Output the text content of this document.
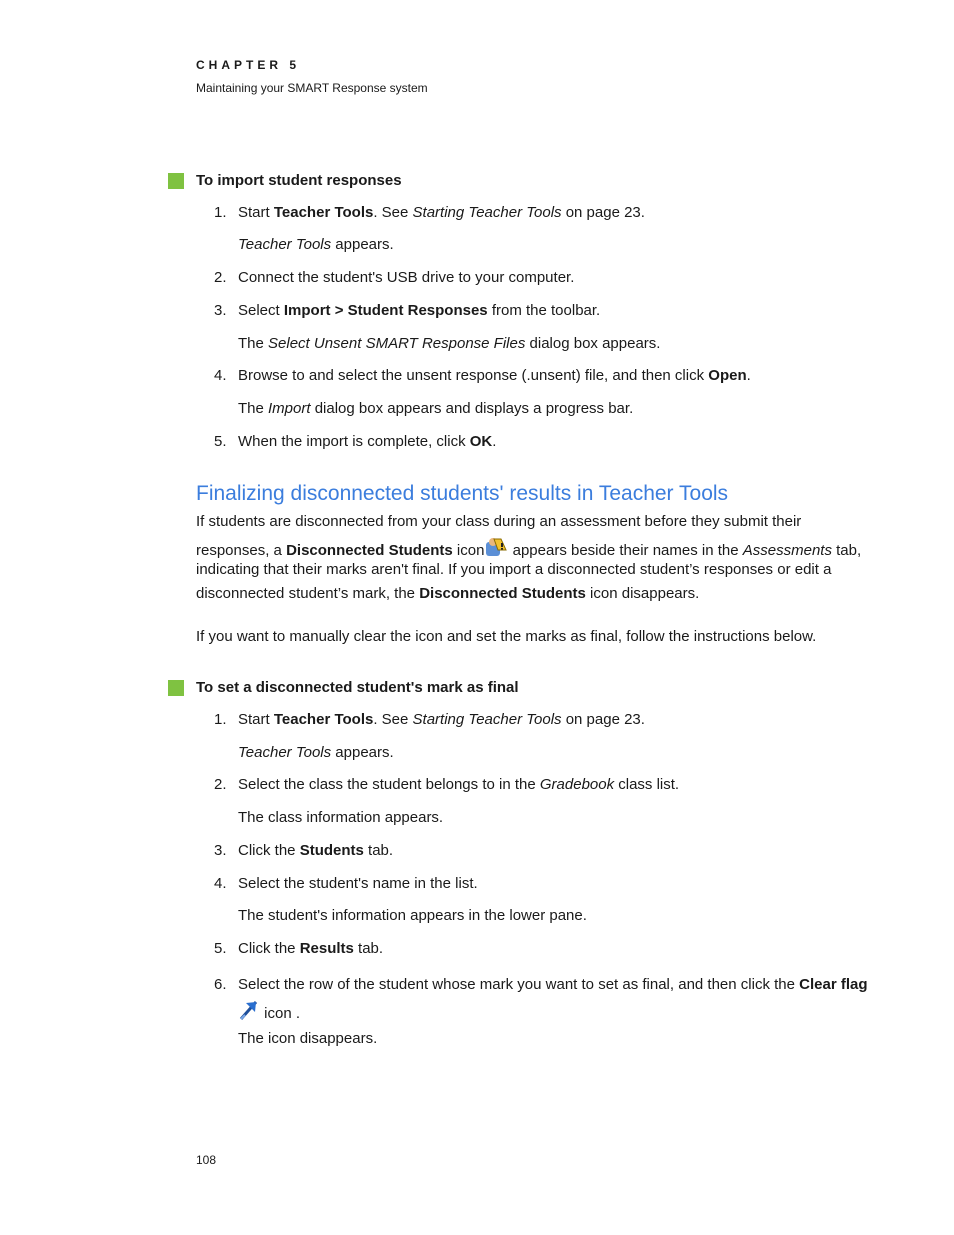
CHAPTER 5
Maintaining your SMART Response system
To import student responses
1. Start Teacher Tools. See Starting Teacher Tools on page 23.
Teacher Tools appears.
2. Connect the student's USB drive to your computer.
3. Select Import > Student Responses from the toolbar.
The Select Unsent SMART Response Files dialog box appears.
4. Browse to and select the unsent response (.unsent) file, and then click Open.
The Import dialog box appears and displays a progress bar.
5. When the import is complete, click OK.
Finalizing disconnected students' results in Teacher Tools
If students are disconnected from your class during an assessment before they submit their
responses, a Disconnected Students icon appears beside their names in the Assessments tab,
indicating that their marks aren't final. If you import a disconnected student’s responses or edit a
disconnected student’s mark, the Disconnected Students icon disappears.
If you want to manually clear the icon and set the marks as final, follow the instructions below.
To set a disconnected student's mark as final
1. Start Teacher Tools. See Starting Teacher Tools on page 23.
Teacher Tools appears.
2. Select the class the student belongs to in the Gradebook class list.
The class information appears.
3. Click the Students tab.
4. Select the student's name in the list.
The student's information appears in the lower pane.
5. Click the Results tab.
6. Select the row of the student whose mark you want to set as final, and then click the Clear flag
icon .
The icon disappears.
108
